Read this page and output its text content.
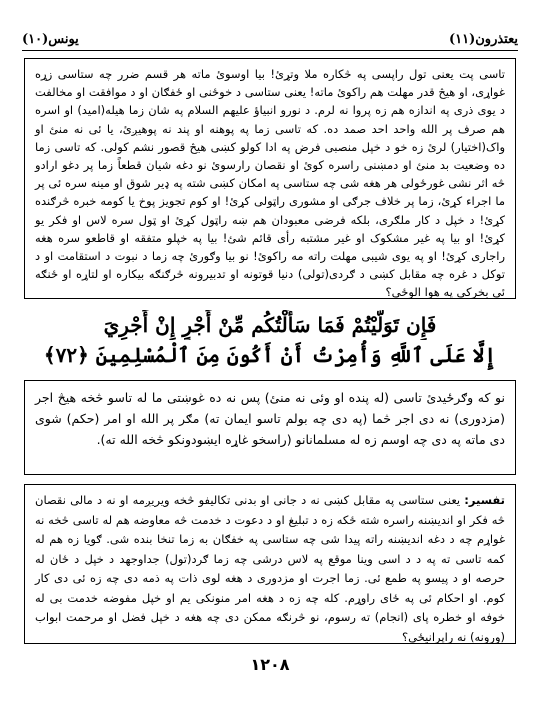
یونس(۱۰)	یعتذرون(۱۱)

تاسی پت یعنی تول راپسی په څکاره ملا وتړئ! بیا اوسوئ ماته هر قسم ضرر چه ستاسی زړه غواړی، او هیڅ قدر مهلت هم راکوئ ماته! یعنی ستاسی د خوځنی او ځفګان او د موافقت او مخالفت د یوی ذری په اندازه هم زه پروا نه لرم. د نورو انبیاؤ علیهم السلام په شان زما هیله(امید) او اسره هم صرف پر الله واحد احد صمد ده. که تاسی زما په پوهنه او پند نه پوهیږئ، یا ئی نه منئ او واک(اختیار) لرئ زه خو د خپل منصبی فرض په ادا کولو کښی هیڅ قصور نشم کولی. که تاسی زما ده وضعیت بد منئ او دمښنی راسره کوئ او نقصان رارسوئ نو دغه شیان قطعاً زما پر دغو ارادو څه اثر نشی غورځولی هر هغه شی چه ستاسی په امکان کښی شته په ډیر شوق او مینه سره ئی پر ما اجراء کړئ، زما پر خلاف جرګی او مشوری راټولی کړئ! او کوم تجویز پوخ یا کومه خبره څرګنده کړئ! د خپل د کار ملګری، بلکه فرضی معبودان هم ښه راټول کړئ او ټول سره لاس او فکر یو کړئ! او بیا په غیر مشکوک او غیر مشتبه رأی قائم شئ! بیا په خپلو متفقه او قاطعو سره هغه راجاری کړئ! او په یوی شیبی مهلت راته مه راکوئ! نو بیا وګورئ چه زما د نبوت د استقامت او د توکل د غره چه مقابل کښی د ګردی(تولی) دنیا قوتونه او تدبیرونه څرګنګه بیکاره او لتاړه او ځنګه ئی بخرکی په هوا الوځی؟

فَإِن تَوَلَّيْتُمْ فَمَا سَأَلْتُكُم مِّنْ أَجْرٍ إِنْ أَجْرِيَ
إِلَّا عَلَى ٱللَّهِ وَأُمِرْتُ أَنْ أَكُونَ مِنَ ٱلْمُسْلِمِينَ ﴿٧٢﴾

نو که وګرځیدئ تاسی (له پنده او وئی نه منئ) پس نه ده غوښتی ما له تاسو څخه هیڅ اجر (مزدوری) نه دی اجر څما (په دی چه بولم تاسو ایمان ته) مګر پر الله او امر (حکم) شوی دی ماته په دی چه اوسم زه له مسلمانانو (راسخو غاړه ایښودونکو څخه الله ته).

تفسیر: یعنی ستاسی په مقابل کښی نه د جانی او بدنی تکالیفو څخه ویریږمه او نه د مالی نقصان څه فکر او اندیښنه راسره شته ځکه زه د تبلیغ او د دعوت د خدمت څه معاوضه هم له تاسی څخه نه غواړم چه د دغه اندیښنه راته پیدا شی چه ستاسی په خفګان به زما تنخا بنده شی. ګویا زه هم له کمه تاسی ته په د د اسی وینا موقع په لاس درشی چه زما ګرد(تول) جداوجهد د خپل د ځان له حرصه او د پیسو په طمع ئی. زما اجرت او مزدوری د هغه لوی ذات په ذمه دی چه زه ئی دی کار کوم. او احکام ئی په ځای راوړم. کله چه زه د هغه امر منونکی یم او خپل مفوضه خدمت بی له خوفه او خطره پای (انجام) ته رسوم، نو څرنګه ممکن دی چه هغه د خپل فضل او مرحمت ابواب (ورونه) نه راپرانیځی؟

۱۲۰۸
